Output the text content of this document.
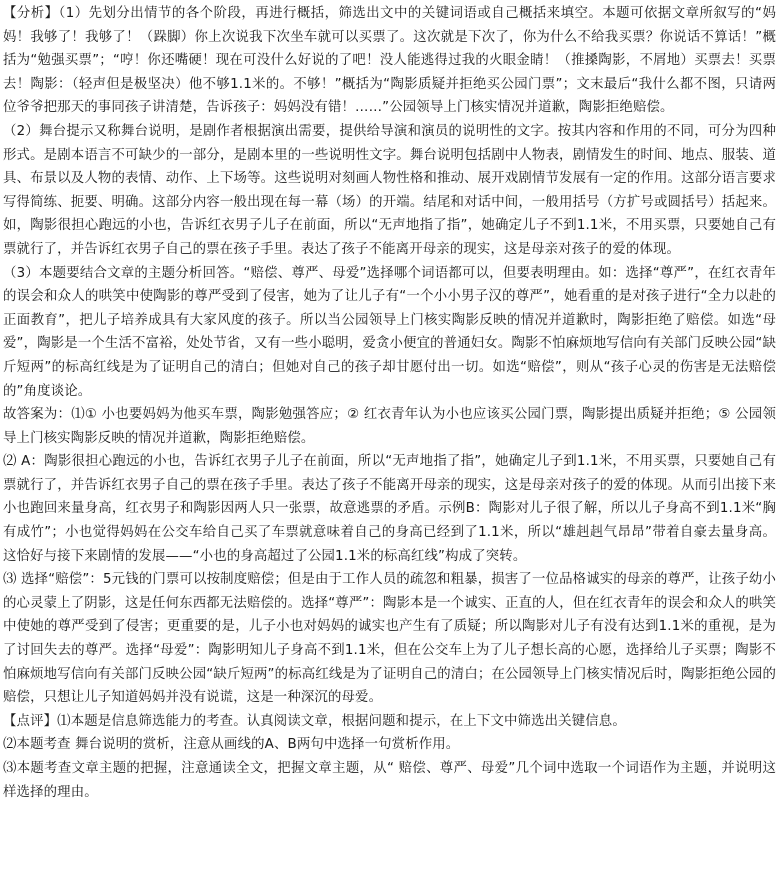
【分析】（1）先划分出情节的各个阶段，再进行概括，筛选出文中的关键词语或自己概括来填空。本题可依据文章所叙写的“妈妈！我够了！我够了！（跺脚）你上次说我下次坐车就可以买票了。这次就是下次了，你为什么不给我买票？你说话不算话！”概括为“勉强买票”；“哼！你还嘴硬！现在可没什么好说的了吧！没人能逃得过我的火眼金睛！（推搡陶影，不屑地）买票去！买票去！陶影：（轻声但是极坚决）他不够1.1米的。不够！”概括为“陶影质疑并拒绝买公园门票”；文末最后“我什么都不图，只请两位爷爷把那天的事同孩子讲清楚，告诉孩子：妈妈没有错！……”公园领导上门核实情况并道歉，陶影拒绝赔偿。

（2）舞台提示又称舞台说明，是剧作者根据演出需要，提供给导演和演员的说明性的文字。按其内容和作用的不同，可分为四种形式。是剧本语言不可缺少的一部分，是剧本里的一些说明性文字。舞台说明包括剧中人物表，剧情发生的时间、地点、服装、道具、布景以及人物的表情、动作、上下场等。这些说明对刻画人物性格和推动、展开戏剧情节发展有一定的作用。这部分语言要求写得简练、扼要、明确。这部分内容一般出现在每一幕（场）的开端。结尾和对话中间，一般用括号（方扩号或圆括号）括起来。如，陶影很担心跑远的小也，告诉红衣男子儿子在前面，所以“无声地指了指”，她确定儿子不到1.1米，不用买票，只要她自己有票就行了，并告诉红衣男子自己的票在孩子手里。表达了孩子不能离开母亲的现实，这是母亲对孩子的爱的体现。

（3）本题要结合文章的主题分析回答。“赔偿、尊严、母爱”选择哪个词语都可以，但要表明理由。如：选择“尊严”，在红衣青年的误会和众人的哄笑中使陶影的尊严受到了侵害，她为了让儿子有“一个小小男子汉的尊严”，她看重的是对孩子进行“全力以赴的正面教育”，把儿子培养成具有大家风度的孩子。所以当公园领导上门核实陶影反映的情况并道歉时，陶影拒绝了赔偿。如选“母爱”，陶影是一个生活不富裕，处处节省，又有一些小聪明，爱贪小便宜的普通妇女。陶影不怕麻烦地写信向有关部门反映公园“缺斤短两”的标高红线是为了证明自己的清白；但她对自己的孩子却甘愿付出一切。如选“赔偿”，则从“孩子心灵的伤害是无法赔偿的”角度谈论。

故答案为：⑴① 小也要妈妈为他买车票，陶影勉强答应；② 红衣青年认为小也应该买公园门票，陶影提出质疑并拒绝；⑤ 公园领导上门核实陶影反映的情况并道歉，陶影拒绝赔偿。

⑵ A：陶影很担心跑远的小也，告诉红衣男子儿子在前面，所以“无声地指了指”，她确定儿子到1.1米，不用买票，只要她自己有票就行了，并告诉红衣男子自己的票在孩子手里。表达了孩子不能离开母亲的现实，这是母亲对孩子的爱的体现。从而引出接下来小也跑回来量身高，红衣男子和陶影因两人只一张票，故意逃票的矛盾。示例B：陶影对儿子很了解，所以儿子身高不到1.1米“胸有成竹”；小也觉得妈妈在公交车给自己买了车票就意味着自己的身高已经到了1.1米，所以“雄赳赳气昂昂”带着自豪去量身高。这恰好与接下来剧情的发展——“小也的身高超过了公园1.1米的标高红线”构成了突转。

⑶ 选择“赔偿”：5元钱的门票可以按制度赔偿；但是由于工作人员的疏忽和粗暴，损害了一位品格诚实的母亲的尊严，让孩子幼小的心灵蒙上了阴影，这是任何东西都无法赔偿的。选择“尊严”：陶影本是一个诚实、正直的人，但在红衣青年的误会和众人的哄笑中使她的尊严受到了侵害；更重要的是，儿子小也对妈妈的诚实也产生有了质疑；所以陶影对儿子有没有达到1.1米的重视，是为了讨回失去的尊严。选择“母爱”：陶影明知儿子身高不到1.1米，但在公交车上为了儿子想长高的心愿，选择给儿子买票；陶影不怕麻烦地写信向有关部门反映公园“缺斤短两”的标高红线是为了证明自己的清白；在公园领导上门核实情况后时，陶影拒绝公园的赔偿，只想让儿子知道妈妈并没有说谎，这是一种深沉的母爱。

【点评】⑴本题是信息筛选能力的考查。认真阅读文章，根据问题和提示，在上下文中筛选出关键信息。

⑵本题考查 舞台说明的赏析，注意从画线的A、B两句中选择一句赏析作用。

⑶本题考查文章主题的把握，注意通读全文，把握文章主题，从“ 赔偿、尊严、母爱”几个词中选取一个词语作为主题，并说明这样选择的理由。
